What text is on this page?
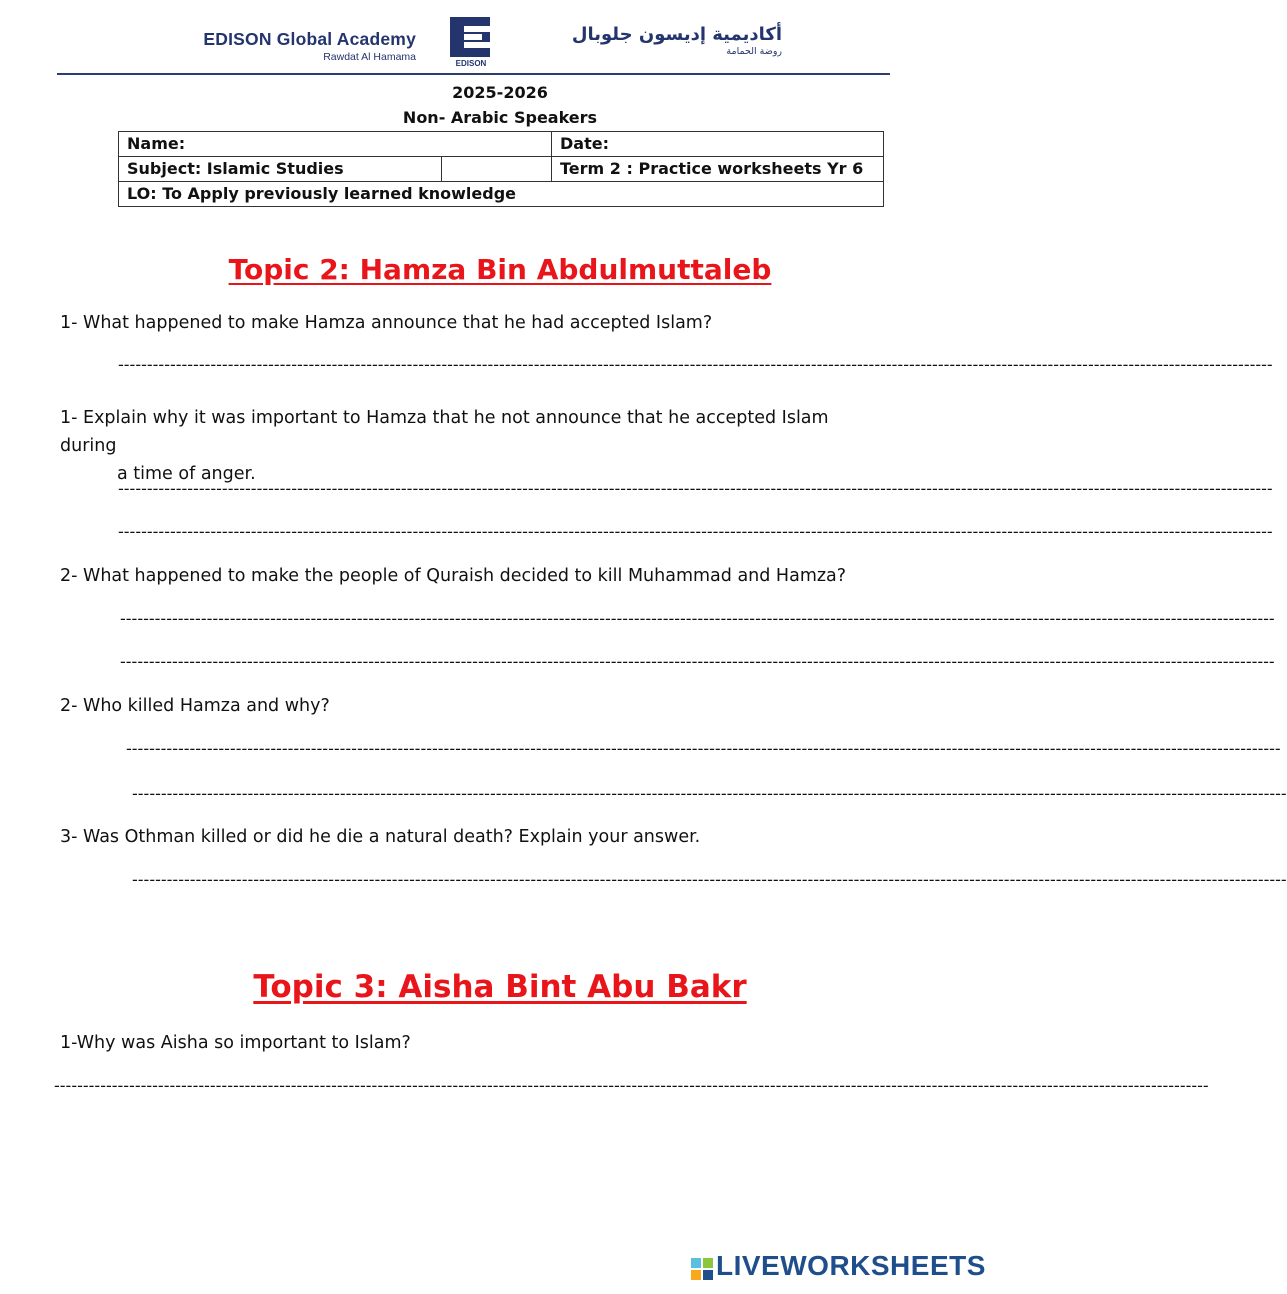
EDISON Global Academy
Rawdat Al Hamama
EDISON
أكاديمية إديسون جلوبال
روضة الحمامة
2025-2026
Non- Arabic Speakers
Name:		Date:
Subject: Islamic Studies		Term 2 : Practice worksheets Yr 6
LO: To Apply previously learned knowledge		
Topic 2: Hamza Bin Abdulmuttaleb
1- What happened to make Hamza announce that he had accepted Islam?
--------------------------------------------------------------------------------------------------------------------------------------------------------------------------------------------------------
1- Explain why it was important to Hamza that he not announce that he accepted Islam during
a time of anger.
--------------------------------------------------------------------------------------------------------------------------------------------------------------------------------------------------------
--------------------------------------------------------------------------------------------------------------------------------------------------------------------------------------------------------
2- What happened to make the people of Quraish decided to kill Muhammad and Hamza?
--------------------------------------------------------------------------------------------------------------------------------------------------------------------------------------------------------
--------------------------------------------------------------------------------------------------------------------------------------------------------------------------------------------------------
2- Who killed Hamza and why?
--------------------------------------------------------------------------------------------------------------------------------------------------------------------------------------------------------
--------------------------------------------------------------------------------------------------------------------------------------------------------------------------------------------------------
3- Was Othman killed or did he die a natural death? Explain your answer.
--------------------------------------------------------------------------------------------------------------------------------------------------------------------------------------------------------
Topic 3: Aisha Bint Abu Bakr
1-Why was Aisha so important to Islam?
--------------------------------------------------------------------------------------------------------------------------------------------------------------------------------------------------------
LIVEWORKSHEETS
